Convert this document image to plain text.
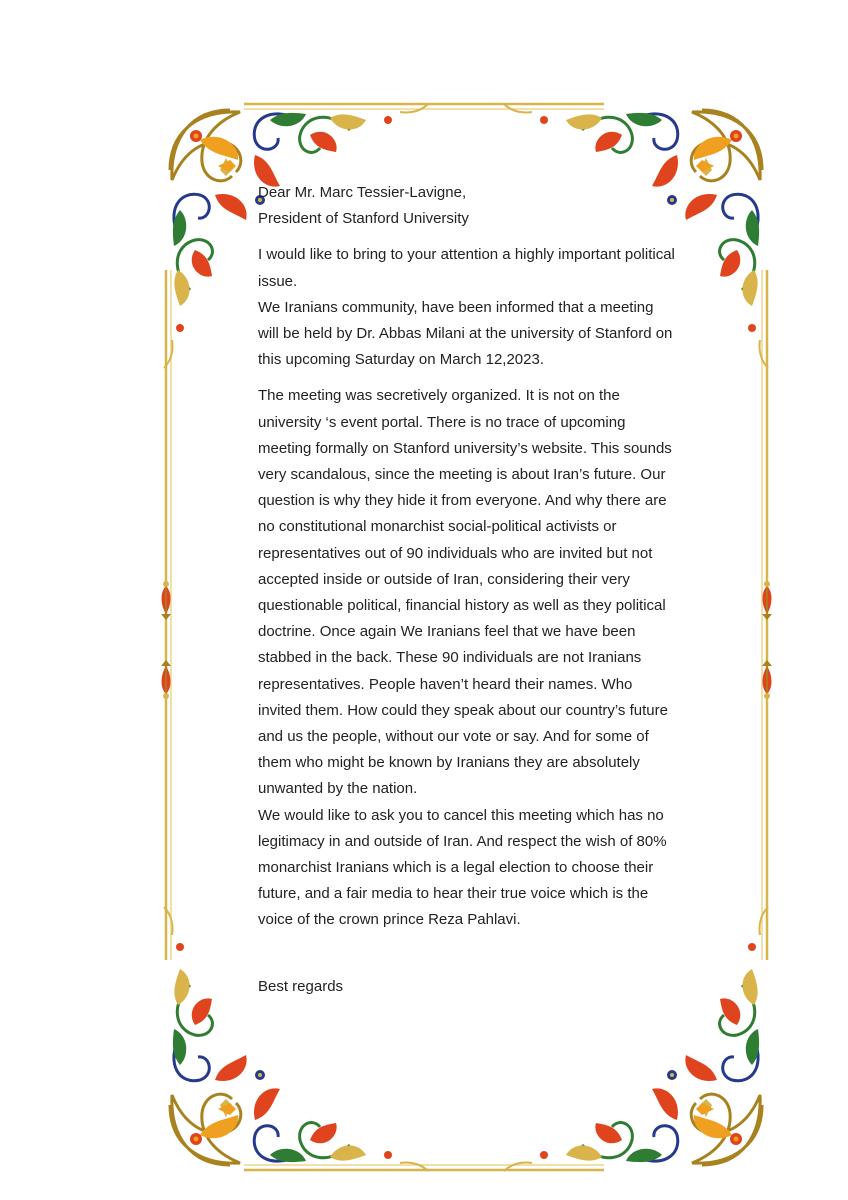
Dear Mr. Marc Tessier-Lavigne,

President of Stanford University

I would like to bring to your attention a highly important political issue.

We Iranians community, have been informed that a meeting will be held by Dr. Abbas Milani at the university of Stanford on this upcoming Saturday on March 12,2023.

The meeting was secretively organized. It is not on the university ‘s event portal. There is no trace of upcoming meeting formally on Stanford university’s website. This sounds very scandalous, since the meeting is about Iran’s future. Our question is why they hide it from everyone. And why there are no constitutional monarchist social-political activists or representatives out of 90 individuals who are invited but not accepted inside or outside of Iran, considering their very questionable political, financial history as well as they political doctrine. Once again We Iranians feel that we have been stabbed in the back. These 90 individuals are not Iranians representatives. People haven’t heard their names. Who invited them. How could they speak about our country’s future and us the people, without our vote or say. And for some of them who might be known by Iranians they are absolutely unwanted by the nation.

We would like to ask you to cancel this meeting which has no legitimacy in and outside of Iran. And respect the wish of 80% monarchist Iranians which is a legal election to choose their future, and a fair media to hear their true voice which is the voice of the crown prince Reza Pahlavi.

Best regards
